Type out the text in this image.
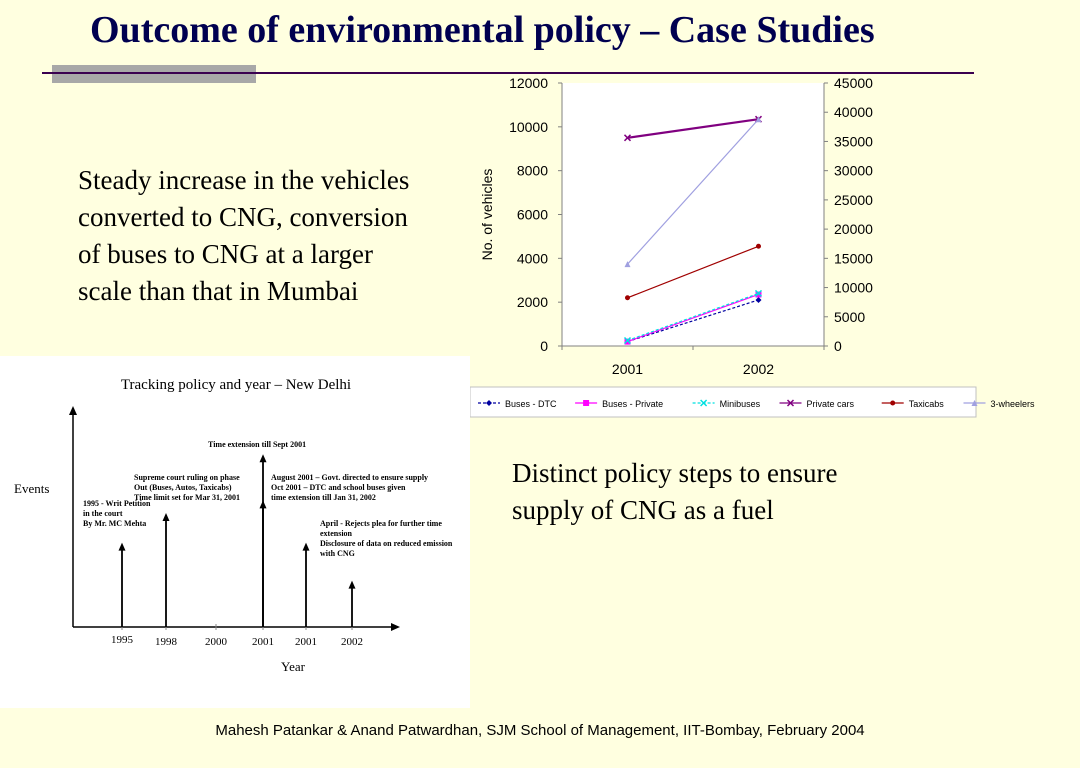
Outcome of environmental policy – Case Studies
Steady increase in the vehicles converted to CNG, conversion of buses to CNG at a larger scale than that in Mumbai
Distinct policy steps to ensure supply of CNG as a fuel
0
2000
4000
6000
8000
10000
12000
0
5000
10000
15000
20000
25000
30000
35000
40000
45000
2001	2002
No. of vehicles
Buses - DTC	Buses - Private	Minibuses	Private cars	Taxicabs	3-wheelers
Tracking policy and year – New Delhi
Events
Year
1995 1998	2000 2001 2001 2002
1995 - Writ Petition
in the court
By Mr. MC Mehta
Supreme court ruling on phase
Out (Buses, Autos, Taxicabs)
Time limit set for Mar 31, 2001
Time extension till Sept 2001
August 2001 – Govt. directed to ensure supply
Oct 2001 – DTC and school buses given
time extension till Jan 31, 2002
April - Rejects plea for further time
extension
Disclosure of data on reduced emission
with CNG
Mahesh Patankar & Anand Patwardhan, SJM School of Management, IIT-Bombay, February 2004
